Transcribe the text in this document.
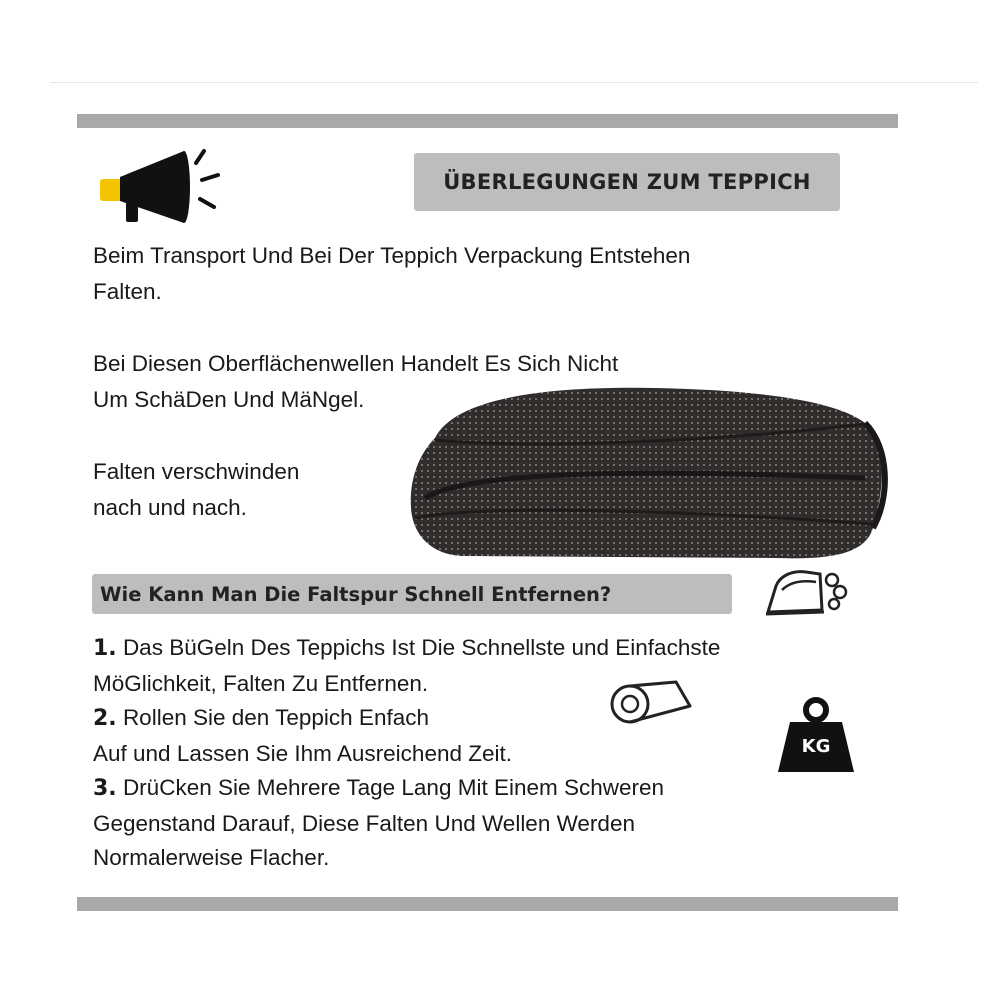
ÜBERLEGUNGEN ZUM TEPPICH
Beim Transport Und Bei Der Teppich Verpackung Entstehen
Falten.
Bei Diesen Oberflächenwellen Handelt Es Sich Nicht
Um SchäDen Und MäNgel.
Falten verschwinden
nach und nach.
Wie Kann Man Die Faltspur Schnell Entfernen?
1. Das BüGeln Des Teppichs Ist Die Schnellste und Einfachste
MöGlichkeit, Falten Zu Entfernen.
2. Rollen Sie den Teppich Enfach
Auf und Lassen Sie Ihm Ausreichend Zeit.
3. DrüCken Sie Mehrere Tage Lang Mit Einem Schweren
Gegenstand Darauf, Diese Falten Und Wellen Werden
Normalerweise Flacher.
KG
